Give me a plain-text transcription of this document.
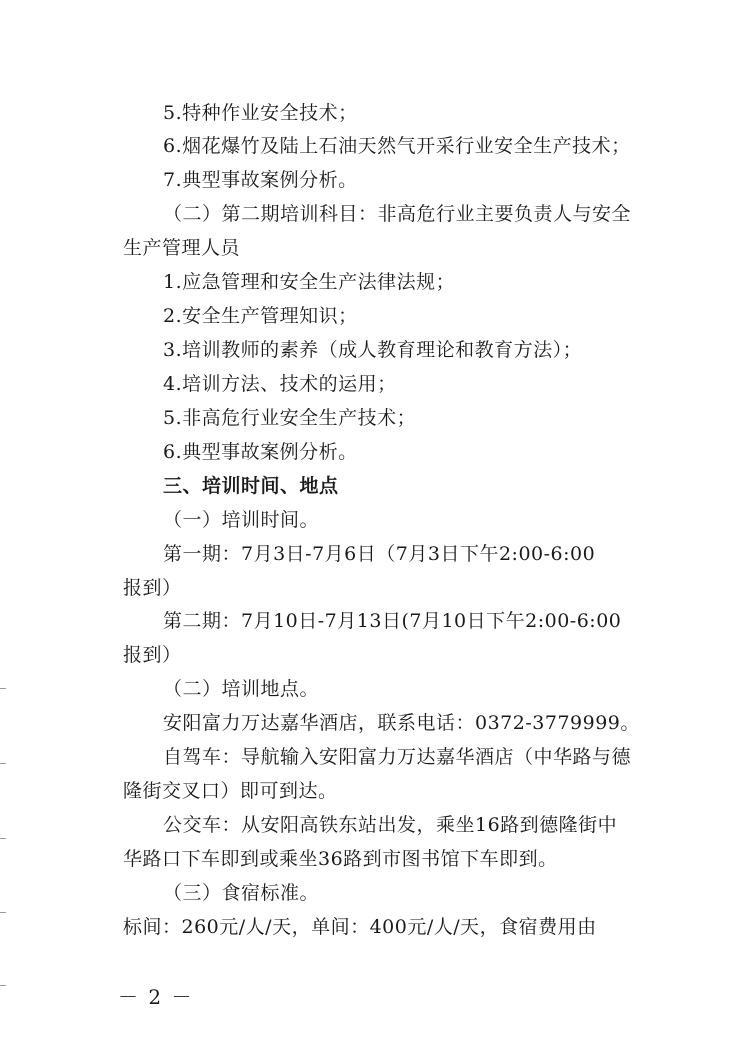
5.特种作业安全技术；
6.烟花爆竹及陆上石油天然气开采行业安全生产技术；
7.典型事故案例分析。
（二）第二期培训科目：非高危行业主要负责人与安全
生产管理人员
1.应急管理和安全生产法律法规；
2.安全生产管理知识；
3.培训教师的素养（成人教育理论和教育方法）；
4.培训方法、技术的运用；
5.非高危行业安全生产技术；
6.典型事故案例分析。
三、培训时间、地点
（一）培训时间。
第一期：7月3日-7月6日（7月3日下午2:00-6:00
报到）
第二期：7月10日-7月13日(7月10日下午2:00-6:00
报到）
（二）培训地点。
安阳富力万达嘉华酒店，联系电话：0372-3779999。
自驾车：导航输入安阳富力万达嘉华酒店（中华路与德
隆街交叉口）即可到达。
公交车：从安阳高铁东站出发，乘坐16路到德隆街中
华路口下车即到或乘坐36路到市图书馆下车即到。
（三）食宿标准。
标间：260元/人/天，单间：400元/人/天，食宿费用由
－ 2 －
